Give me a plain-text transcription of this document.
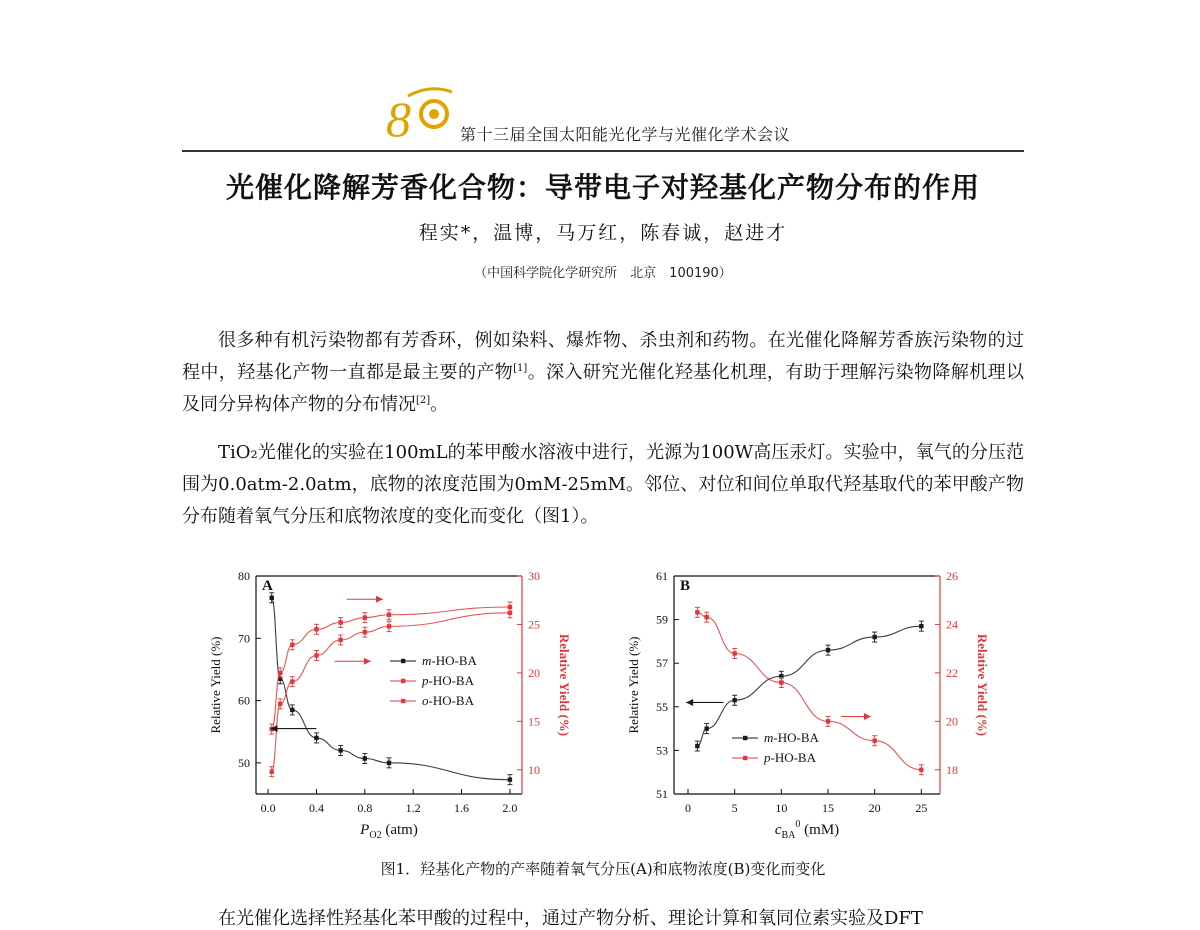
8	第十三届全国太阳能光化学与光催化学术会议
光催化降解芳香化合物：导带电子对羟基化产物分布的作用
程实*，温博，马万红，陈春诚，赵进才
（中国科学院化学研究所　北京　100190）
很多种有机污染物都有芳香环，例如染料、爆炸物、杀虫剂和药物。在光催化降解芳香族污染物的过程中，羟基化产物一直都是最主要的产物[1]。深入研究光催化羟基化机理，有助于理解污染物降解机理以及同分异构体产物的分布情况[2]。
TiO₂光催化的实验在100mL的苯甲酸水溶液中进行，光源为100W高压汞灯。实验中，氧气的分压范围为0.0atm-2.0atm，底物的浓度范围为0mM-25mM。邻位、对位和间位单取代羟基取代的苯甲酸产物分布随着氧气分压和底物浓度的变化而变化（图1）。
0.0	0.4	0.8	1.2	1.6	2.0
50
60
70
80
10
15
20
25
30
Relative Yield (%)	Relative Yield (%)
$P_{O2}$ (atm)
A
m-HO-BA
p-HO-BA
o-HO-BA
0	5	10	15	20	25
51
53
55
57
59
61
18
20
22
24
26
Relative Yield (%)	Relative Yield (%)
$c_{BA}^0$ (mM)
B
m-HO-BA
p-HO-BA
图1．羟基化产物的产率随着氧气分压(A)和底物浓度(B)变化而变化
在光催化选择性羟基化苯甲酸的过程中，通过产物分析、理论计算和氧同位素实验及DFT
